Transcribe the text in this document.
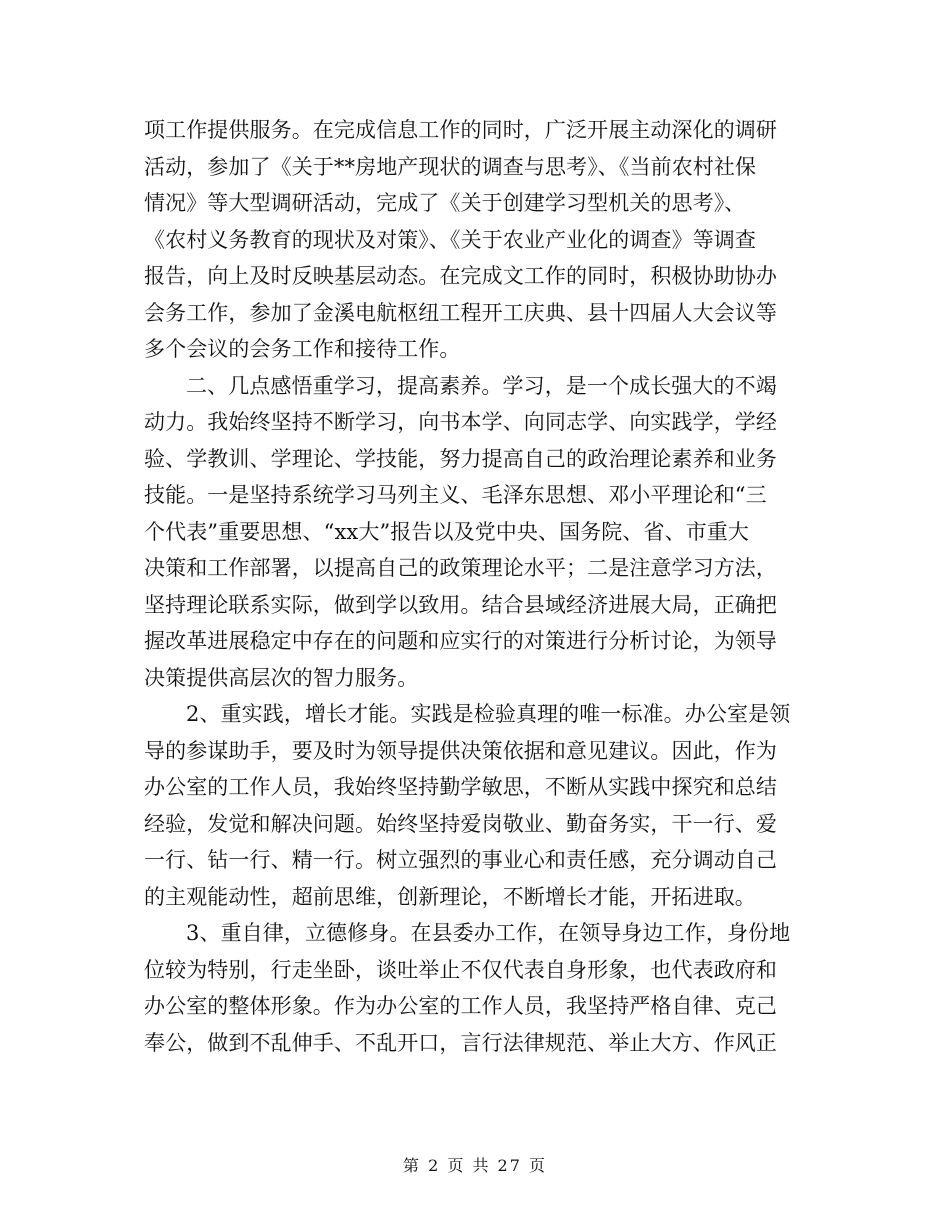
项工作提供服务。在完成信息工作的同时，广泛开展主动深化的调研
活动，参加了《关于**房地产现状的调查与思考》、《当前农村社保
情况》等大型调研活动，完成了《关于创建学习型机关的思考》、
《农村义务教育的现状及对策》、《关于农业产业化的调查》等调查
报告，向上及时反映基层动态。在完成文工作的同时，积极协助协办
会务工作，参加了金溪电航枢纽工程开工庆典、县十四届人大会议等
多个会议的会务工作和接待工作。
二、几点感悟重学习，提高素养。学习，是一个成长强大的不竭
动力。我始终坚持不断学习，向书本学、向同志学、向实践学，学经
验、学教训、学理论、学技能，努力提高自己的政治理论素养和业务
技能。一是坚持系统学习马列主义、毛泽东思想、邓小平理论和“三
个代表”重要思想、“xx大”报告以及党中央、国务院、省、市重大
决策和工作部署，以提高自己的政策理论水平；二是注意学习方法，
坚持理论联系实际，做到学以致用。结合县域经济进展大局，正确把
握改革进展稳定中存在的问题和应实行的对策进行分析讨论，为领导
决策提供高层次的智力服务。
2、重实践，增长才能。实践是检验真理的唯一标准。办公室是领
导的参谋助手，要及时为领导提供决策依据和意见建议。因此，作为
办公室的工作人员，我始终坚持勤学敏思，不断从实践中探究和总结
经验，发觉和解决问题。始终坚持爱岗敬业、勤奋务实，干一行、爱
一行、钻一行、精一行。树立强烈的事业心和责任感，充分调动自己
的主观能动性，超前思维，创新理论，不断增长才能，开拓进取。
3、重自律，立德修身。在县委办工作，在领导身边工作，身份地
位较为特别，行走坐卧，谈吐举止不仅代表自身形象，也代表政府和
办公室的整体形象。作为办公室的工作人员，我坚持严格自律、克己
奉公，做到不乱伸手、不乱开口，言行法律规范、举止大方、作风正
第 2 页 共 27 页
